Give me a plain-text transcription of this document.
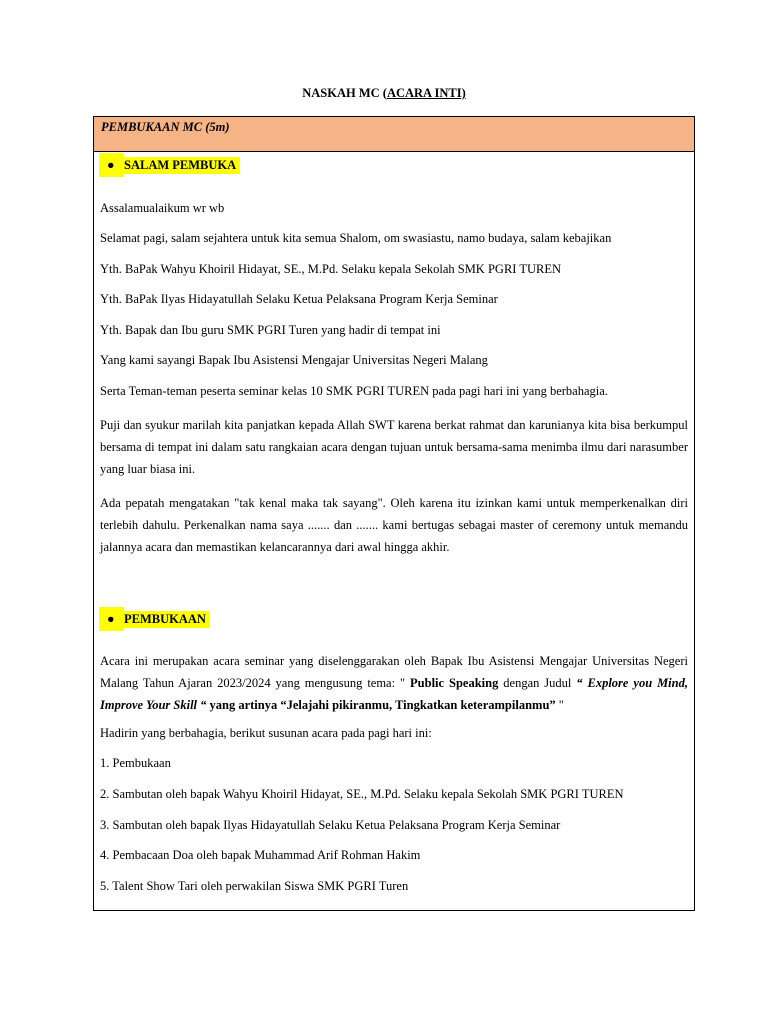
NASKAH MC (ACARA INTI)
PEMBUKAAN MC (5m)
● SALAM PEMBUKA
Assalamualaikum wr wb
Selamat pagi, salam sejahtera untuk kita semua Shalom, om swasiastu, namo budaya, salam kebajikan
Yth. BaPak Wahyu Khoiril Hidayat, SE., M.Pd. Selaku kepala Sekolah SMK PGRI TUREN
Yth. BaPak Ilyas Hidayatullah Selaku Ketua Pelaksana Program Kerja Seminar
Yth. Bapak dan Ibu guru SMK PGRI Turen yang hadir di tempat ini
Yang kami sayangi Bapak Ibu Asistensi Mengajar Universitas Negeri Malang
Serta Teman-teman peserta seminar kelas 10 SMK PGRI TUREN pada pagi hari ini yang berbahagia.
Puji dan syukur marilah kita panjatkan kepada Allah SWT karena berkat rahmat dan karunianya kita bisa berkumpul bersama di tempat ini dalam satu rangkaian acara dengan tujuan untuk bersama-sama menimba ilmu dari narasumber yang luar biasa ini.
Ada pepatah mengatakan "tak kenal maka tak sayang". Oleh karena itu izinkan kami untuk memperkenalkan diri terlebih dahulu. Perkenalkan nama saya ....... dan ....... kami bertugas sebagai master of ceremony untuk memandu jalannya acara dan memastikan kelancarannya dari awal hingga akhir.
● PEMBUKAAN
Acara ini merupakan acara seminar yang diselenggarakan oleh Bapak Ibu Asistensi Mengajar Universitas Negeri Malang Tahun Ajaran 2023/2024 yang mengusung tema: " Public Speaking dengan Judul “ Explore you Mind, Improve Your Skill “ yang artinya “Jelajahi pikiranmu, Tingkatkan keterampilanmu” "
Hadirin yang berbahagia, berikut susunan acara pada pagi hari ini:
1. Pembukaan
2. Sambutan oleh bapak Wahyu Khoiril Hidayat, SE., M.Pd. Selaku kepala Sekolah SMK PGRI TUREN
3. Sambutan oleh bapak Ilyas Hidayatullah Selaku Ketua Pelaksana Program Kerja Seminar
4. Pembacaan Doa oleh bapak Muhammad Arif Rohman Hakim
5. Talent Show Tari oleh perwakilan Siswa SMK PGRI Turen
